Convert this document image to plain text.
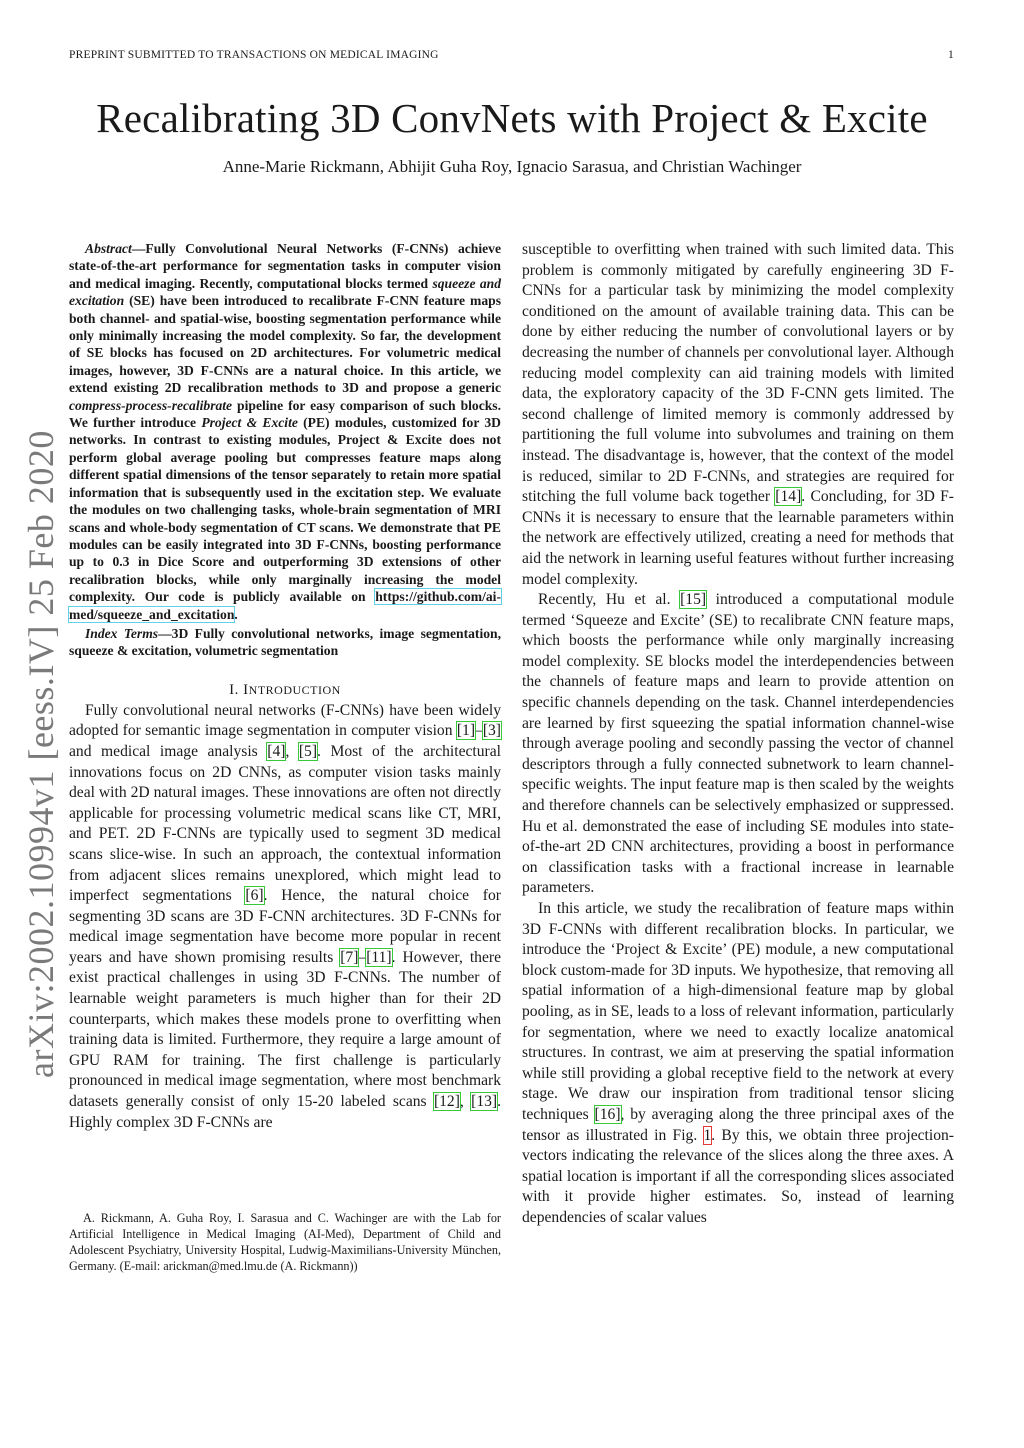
PREPRINT SUBMITTED TO TRANSACTIONS ON MEDICAL IMAGING	1
Recalibrating 3D ConvNets with Project & Excite
Anne-Marie Rickmann, Abhijit Guha Roy, Ignacio Sarasua, and Christian Wachinger
arXiv:2002.10994v1 [eess.IV] 25 Feb 2020

Abstract—Fully Convolutional Neural Networks (F-CNNs) achieve state-of-the-art performance for segmentation tasks in computer vision and medical imaging. Recently, computational blocks termed squeeze and excitation (SE) have been introduced to recalibrate F-CNN feature maps both channel- and spatial-wise, boosting segmentation performance while only minimally increasing the model complexity. So far, the development of SE blocks has focused on 2D architectures. For volumetric medical images, however, 3D F-CNNs are a natural choice. In this article, we extend existing 2D recalibration methods to 3D and propose a generic compress-process-recalibrate pipeline for easy comparison of such blocks. We further introduce Project & Excite (PE) modules, customized for 3D networks. In contrast to existing modules, Project & Excite does not perform global average pooling but compresses feature maps along different spatial dimensions of the tensor separately to retain more spatial information that is subsequently used in the excitation step. We evaluate the modules on two challenging tasks, whole-brain segmentation of MRI scans and whole-body segmentation of CT scans. We demonstrate that PE modules can be easily integrated into 3D F-CNNs, boosting performance up to 0.3 in Dice Score and outperforming 3D extensions of other recalibration blocks, while only marginally increasing the model complexity. Our code is publicly available on https://github.com/ai-med/squeeze_and_excitation.

Index Terms—3D Fully convolutional networks, image segmentation, squeeze & excitation, volumetric segmentation
I. INTRODUCTION

Fully convolutional neural networks (F-CNNs) have been widely adopted for semantic image segmentation in computer vision [1]–[3] and medical image analysis [4], [5]. Most of the architectural innovations focus on 2D CNNs, as computer vision tasks mainly deal with 2D natural images. These innovations are often not directly applicable for processing volumetric medical scans like CT, MRI, and PET. 2D F-CNNs are typically used to segment 3D medical scans slice-wise. In such an approach, the contextual information from adjacent slices remains unexplored, which might lead to imperfect segmentations [6]. Hence, the natural choice for segmenting 3D scans are 3D F-CNN architectures. 3D F-CNNs for medical image segmentation have become more popular in recent years and have shown promising results [7]–[11]. However, there exist practical challenges in using 3D F-CNNs. The number of learnable weight parameters is much higher than for their 2D counterparts, which makes these models prone to overfitting when training data is limited. Furthermore, they require a large amount of GPU RAM for training. The first challenge is particularly pronounced in medical image segmentation, where most benchmark datasets generally consist of only 15-20 labeled scans [12], [13]. Highly complex 3D F-CNNs are

A. Rickmann, A. Guha Roy, I. Sarasua and C. Wachinger are with the Lab for Artificial Intelligence in Medical Imaging (AI-Med), Department of Child and Adolescent Psychiatry, University Hospital, Ludwig-Maximilians-University München, Germany. (E-mail: arickman@med.lmu.de (A. Rickmann))

susceptible to overfitting when trained with such limited data. This problem is commonly mitigated by carefully engineering 3D F-CNNs for a particular task by minimizing the model complexity conditioned on the amount of available training data. This can be done by either reducing the number of convolutional layers or by decreasing the number of channels per convolutional layer. Although reducing model complexity can aid training models with limited data, the exploratory capacity of the 3D F-CNN gets limited. The second challenge of limited memory is commonly addressed by partitioning the full volume into subvolumes and training on them instead. The disadvantage is, however, that the context of the model is reduced, similar to 2D F-CNNs, and strategies are required for stitching the full volume back together [14]. Concluding, for 3D F-CNNs it is necessary to ensure that the learnable parameters within the network are effectively utilized, creating a need for methods that aid the network in learning useful features without further increasing model complexity.

Recently, Hu et al. [15] introduced a computational module termed ‘Squeeze and Excite’ (SE) to recalibrate CNN feature maps, which boosts the performance while only marginally increasing model complexity. SE blocks model the interdependencies between the channels of feature maps and learn to provide attention on specific channels depending on the task. Channel interdependencies are learned by first squeezing the spatial information channel-wise through average pooling and secondly passing the vector of channel descriptors through a fully connected subnetwork to learn channel-specific weights. The input feature map is then scaled by the weights and therefore channels can be selectively emphasized or suppressed. Hu et al. demonstrated the ease of including SE modules into state-of-the-art 2D CNN architectures, providing a boost in performance on classification tasks with a fractional increase in learnable parameters.

In this article, we study the recalibration of feature maps within 3D F-CNNs with different recalibration blocks. In particular, we introduce the ‘Project & Excite’ (PE) module, a new computational block custom-made for 3D inputs. We hypothesize, that removing all spatial information of a high-dimensional feature map by global pooling, as in SE, leads to a loss of relevant information, particularly for segmentation, where we need to exactly localize anatomical structures. In contrast, we aim at preserving the spatial information while still providing a global receptive field to the network at every stage. We draw our inspiration from traditional tensor slicing techniques [16], by averaging along the three principal axes of the tensor as illustrated in Fig. 1. By this, we obtain three projection-vectors indicating the relevance of the slices along the three axes. A spatial location is important if all the corresponding slices associated with it provide higher estimates. So, instead of learning dependencies of scalar values
